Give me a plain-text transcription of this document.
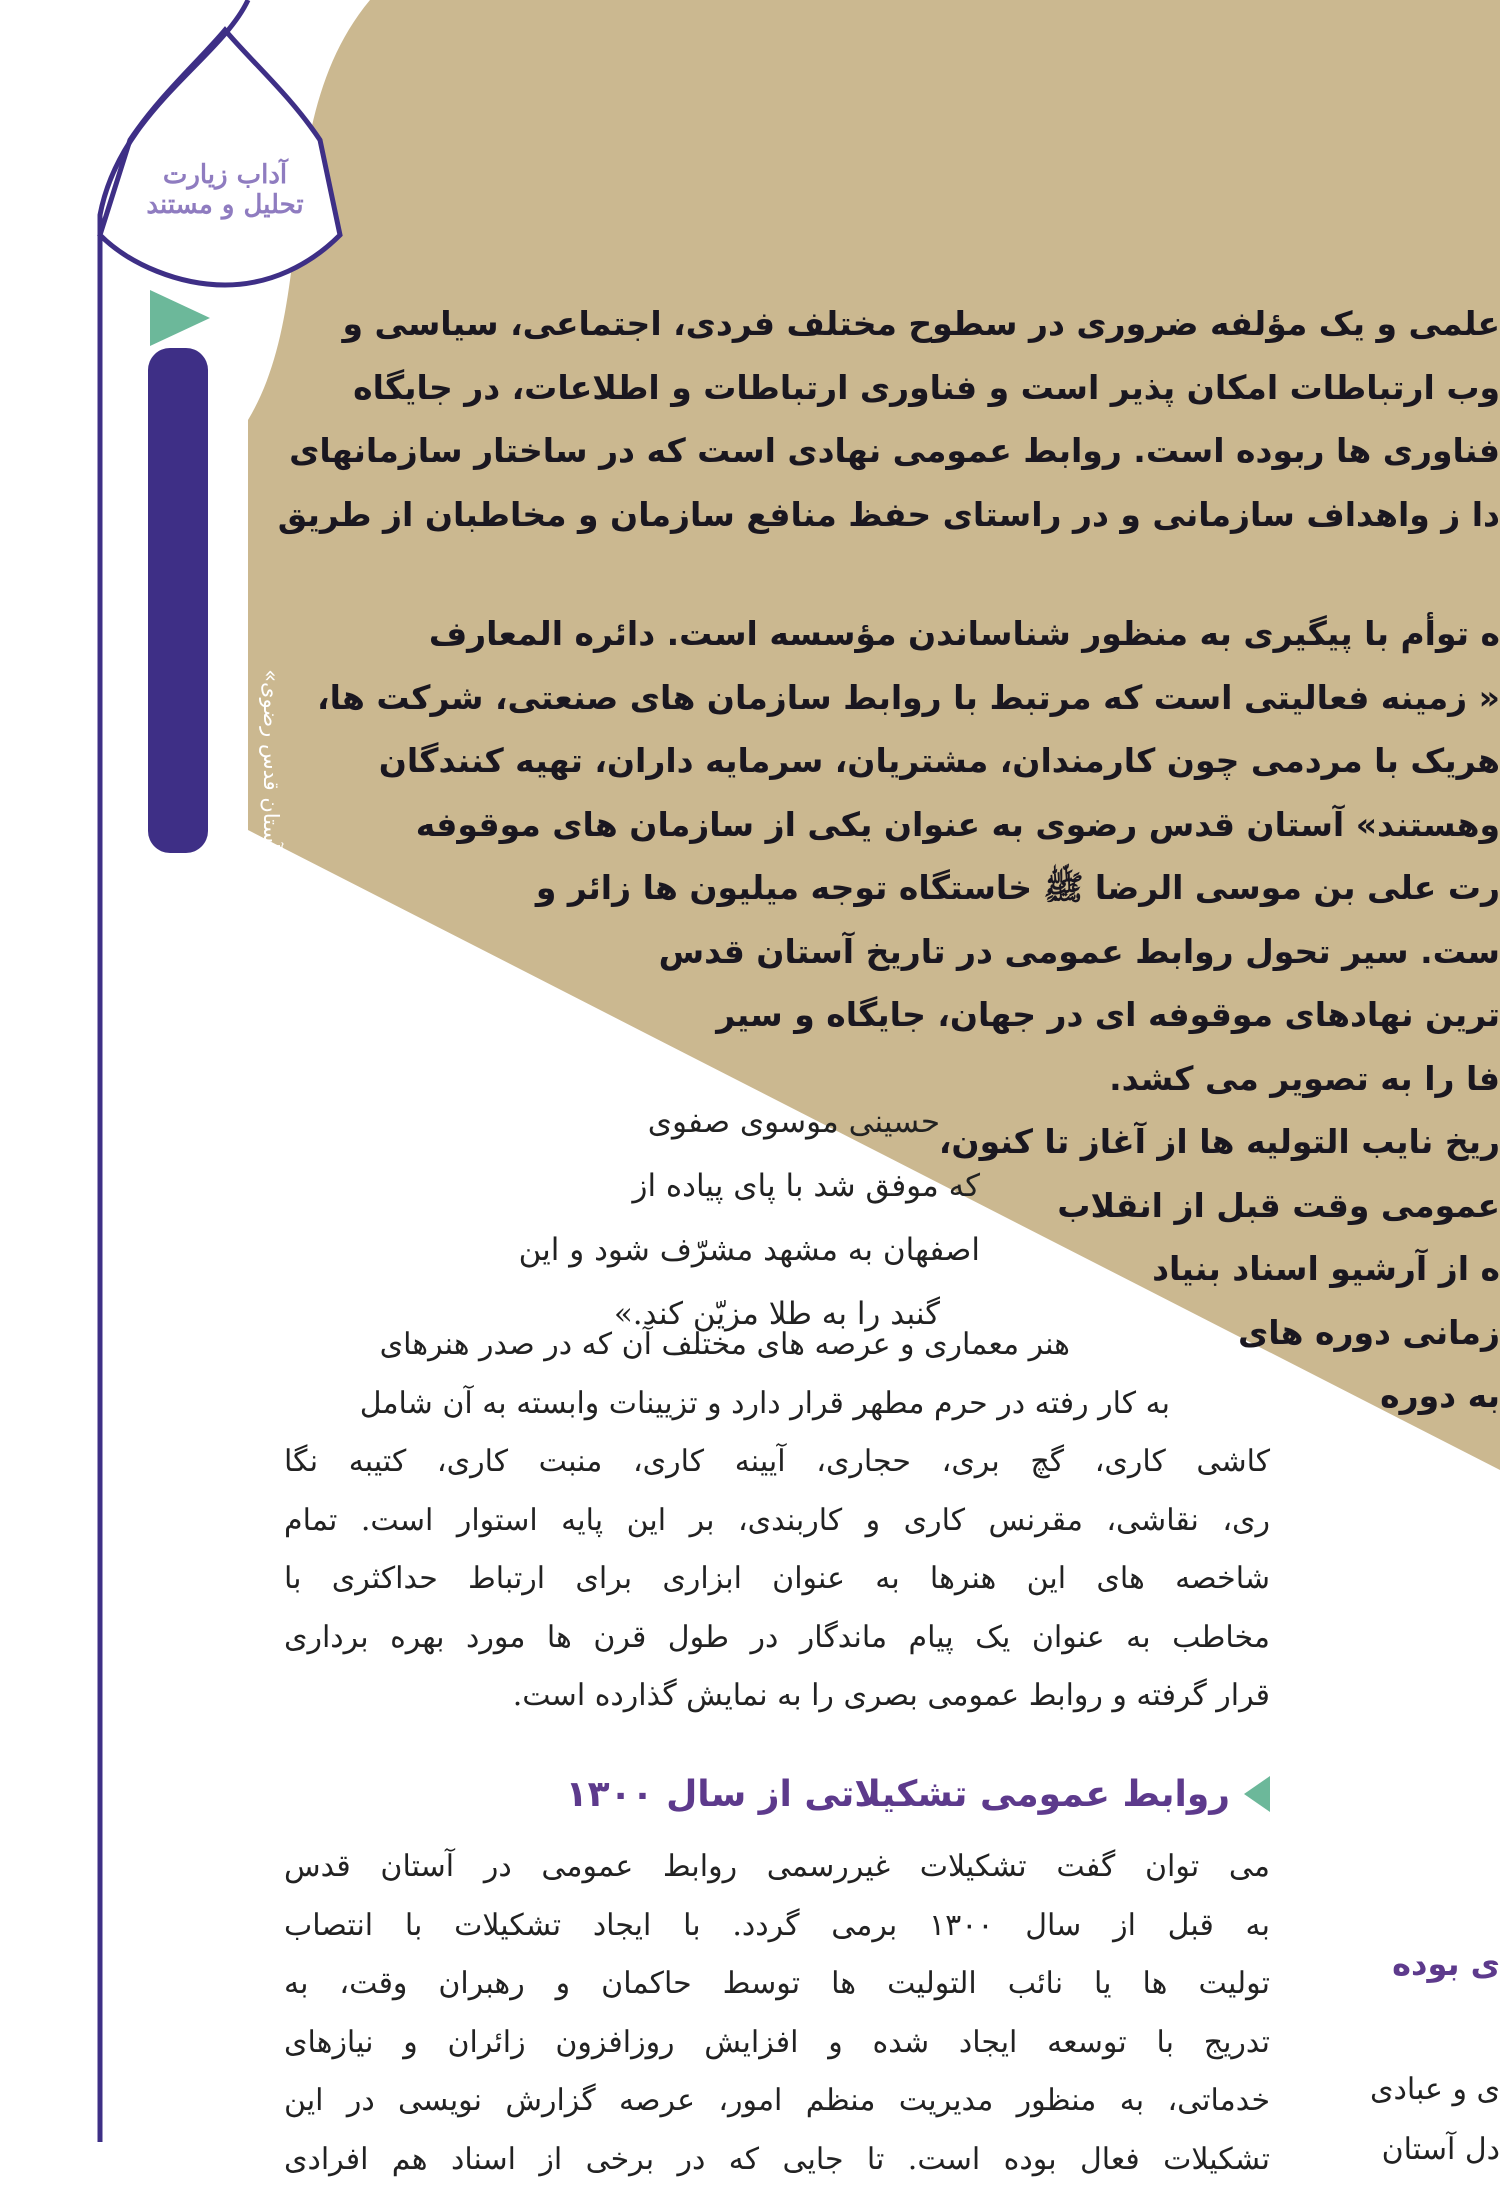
آداب زیارت تحلیل و مستند
«ارتباطات و رسانه در آستان قدس رضوی»
علمی و یک مؤلفه ضروری در سطوح مختلف فردی، اجتماعی، سیاسی و
وب ارتباطات امکان پذیر است و فناوری ارتباطات و اطلاعات، در جایگاه
فناوری ها ربوده است. روابط عمومی نهادی است که در ساختار سازمانهای
دا ز واهداف سازمانی و در راستای حفظ منافع سازمان و مخاطبان از طریق
ه توأم با پیگیری به منظور شناساندن مؤسسه است. دائره المعارف
« زمینه فعالیتی است که مرتبط با روابط سازمان های صنعتی، شرکت ها،
هریک با مردمی چون کارمندان، مشتریان، سرمایه داران، تهیه کنندگان
وهستند» آستان قدس رضوی به عنوان یکی از سازمان های موقوفه
رت علی بن موسی الرضا ﷺ خاستگاه توجه میلیون ها زائر و
ست. سیر تحول روابط عمومی در تاریخ آستان قدس
ترین نهادهای موقوفه ای در جهان، جایگاه و سیر
فا را به تصویر می کشد.
ریخ نایب التولیه ها از آغاز تا کنون،
عمومی وقت قبل از انقلاب
ه از آرشیو اسناد بنیاد
زمانی دوره های
به دوره
حسینی موسوی صفوی
که موفق شد با پای پیاده از
اصفهان به مشهد مشرّف شود و این
گنبد را به طلا مزیّن کند.»
هنر معماری و عرصه های مختلف آن که در صدر هنرهای
به کار رفته در حرم مطهر قرار دارد و تزیینات وابسته به آن شامل
کاشی کاری، گچ بری، حجاری، آیینه کاری، منبت کاری، کتیبه نگا
ری، نقاشی، مقرنس کاری و کاربندی، بر این پایه استوار است. تمام
شاخصه های این هنرها به عنوان ابزاری برای ارتباط حداکثری با
مخاطب به عنوان یک پیام ماندگار در طول قرن ها مورد بهره برداری
قرار گرفته و روابط عمومی بصری را به نمایش گذارده است.
روابط عمومی تشکیلاتی از سال ۱۳۰۰
می توان گفت تشکیلات غیررسمی روابط عمومی در آستان قدس
به قبل از سال ۱۳۰۰ برمی گردد. با ایجاد تشکیلات با انتصاب
تولیت ها یا نائب التولیت ها توسط حاکمان و رهبران وقت، به
تدریج با توسعه ایجاد شده و افزایش روزافزون زائران و نیازهای
خدماتی، به منظور مدیریت منظم امور، عرصه گزارش نویسی در این
تشکیلات فعال بوده است. تا جایی که در برخی از اسناد هم افرادی
ی بوده
ی و عبادی
دل آستان
